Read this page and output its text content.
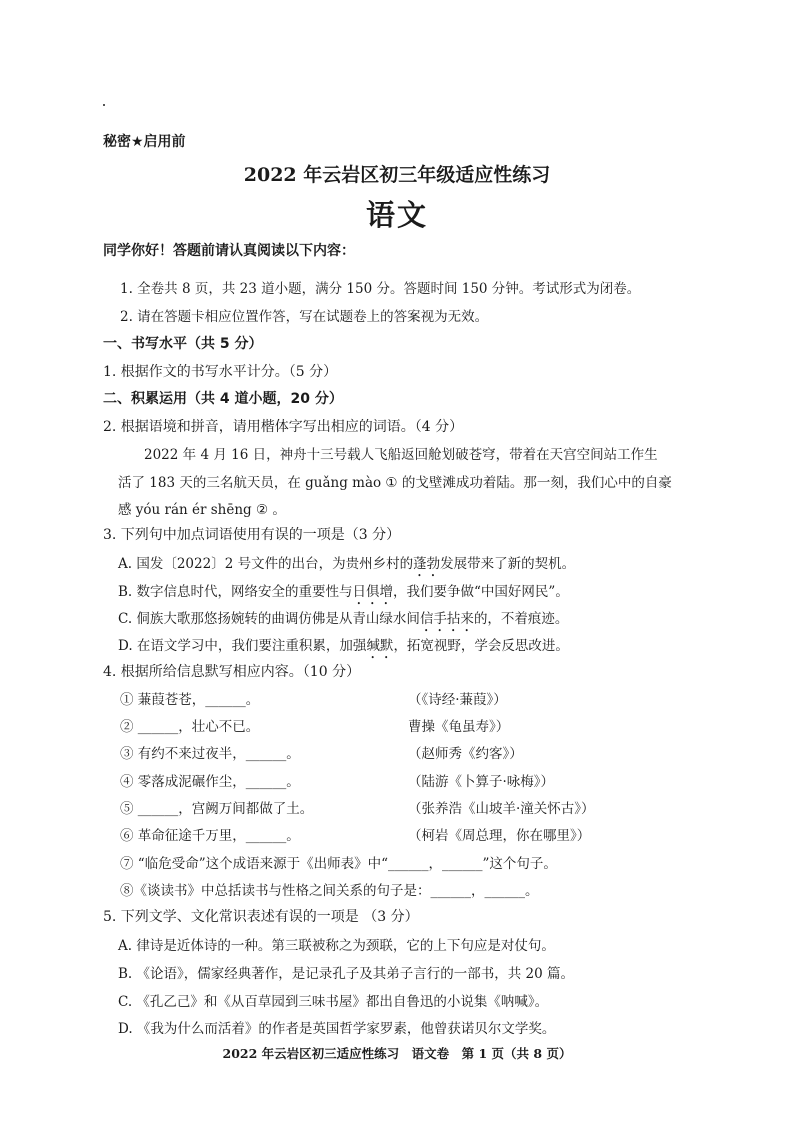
秘密★启用前
2022 年云岩区初三年级适应性练习
语文
同学你好！答题前请认真阅读以下内容：
1. 全卷共 8 页，共 23 道小题，满分 150 分。答题时间 150 分钟。考试形式为闭卷。
2. 请在答题卡相应位置作答，写在试题卷上的答案视为无效。
一、书写水平（共 5 分）
1. 根据作文的书写水平计分。（5 分）
二、积累运用（共 4 道小题，20 分）
2. 根据语境和拼音，请用楷体字写出相应的词语。（4 分）
2022 年 4 月 16 日，神舟十三号载人飞船返回舱划破苍穹，带着在天宫空间站工作生
活了 183 天的三名航天员，在 guǎng mào ① 的戈壁滩成功着陆。那一刻，我们心中的自豪
感 yóu rán ér shēng ② 。
3. 下列句中加点词语使用有误的一项是（3 分）
A. 国发〔2022〕2 号文件的出台，为贵州乡村的蓬勃发展带来了新的契机。
B. 数字信息时代，网络安全的重要性与日俱增，我们要争做“中国好网民”。
C. 侗族大歌那悠扬婉转的曲调仿佛是从青山绿水间信手拈来的，不着痕迹。
D. 在语文学习中，我们要注重积累，加强缄默，拓宽视野，学会反思改进。
4. 根据所给信息默写相应内容。（10 分）
① 蒹葭苍苍，______。	（《诗经·蒹葭》）
② ______，壮心不已。	曹操《龟虽寿》）
③ 有约不来过夜半，______。	（赵师秀《约客》）
④ 零落成泥碾作尘，______。	（陆游《卜算子·咏梅》）
⑤ ______，宫阙万间都做了土。	（张养浩《山坡羊·潼关怀古》）
⑥ 革命征途千万里，______。	（柯岩《周总理，你在哪里》）
⑦ “临危受命”这个成语来源于《出师表》中“______，______”这个句子。
⑧《谈读书》中总括读书与性格之间关系的句子是：______，______。
5. 下列文学、文化常识表述有误的一项是 （3 分）
A. 律诗是近体诗的一种。第三联被称之为颈联，它的上下句应是对仗句。
B. 《论语》，儒家经典著作，是记录孔子及其弟子言行的一部书，共 20 篇。
C. 《孔乙己》和《从百草园到三味书屋》都出自鲁迅的小说集《呐喊》。
D. 《我为什么而活着》的作者是英国哲学家罗素，他曾获诺贝尔文学奖。
2022 年云岩区初三适应性练习　语文卷　第 1 页（共 8 页）
